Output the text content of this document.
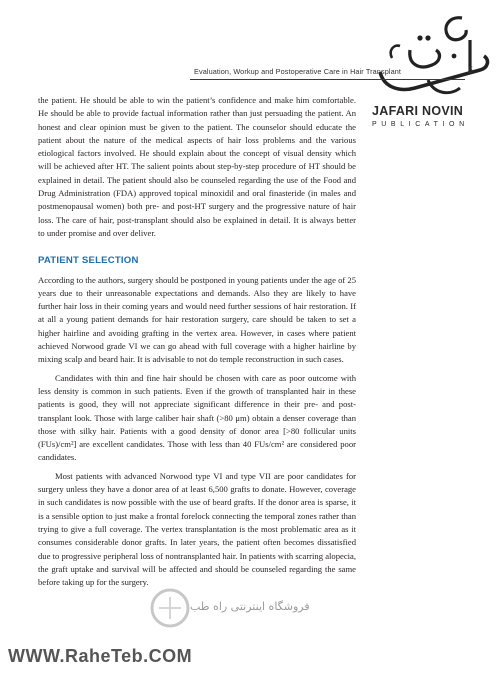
JAFARI NOVIN
PUBLICATION
Evaluation, Workup and Postoperative Care in Hair Transplant	5

the patient. He should be able to win the patient’s confidence and make him comfortable. He should be able to provide factual information rather than just persuading the patient. An honest and clear opinion must be given to the patient. The counselor should educate the patient about the nature of the medical aspects of hair loss problems and the various etiological factors involved. He should explain about the concept of visual density which will be achieved after HT. The salient points about step-by-step procedure of HT should be explained in detail. The patient should also be counseled regarding the use of the Food and Drug Administration (FDA) approved topical minoxidil and oral finasteride (in males and postmenopausal women) both pre- and post-HT surgery and the progressive nature of hair loss. The care of hair, post-transplant should also be explained in detail. It is always better to under promise and over deliver.

PATIENT SELECTION

According to the authors, surgery should be postponed in young patients under the age of 25 years due to their unreasonable expectations and demands. Also they are likely to have further hair loss in their coming years and would need further sessions of hair restoration. If at all a young patient demands for hair restoration surgery, care should be taken to set a higher hairline and avoiding grafting in the vertex area. However, in cases where patient achieved Norwood grade VI we can go ahead with full coverage with a higher hairline by mixing scalp and beard hair. It is advisable to not do temple reconstruction in such cases.

Candidates with thin and fine hair should be chosen with care as poor outcome with less density is common in such patients. Even if the growth of transplanted hair in these patients is good, they will not appreciate significant difference in their pre- and post-transplant look. Those with large caliber hair shaft (>80 μm) obtain a denser coverage than those with silky hair. Patients with a good density of donor area [>80 follicular units (FUs)/cm²] are excellent candidates. Those with less than 40 FUs/cm² are considered poor candidates.

Most patients with advanced Norwood type VI and type VII are poor candidates for surgery unless they have a donor area of at least 6,500 grafts to donate. However, coverage in such candidates is now possible with the use of beard grafts. If the donor area is sparse, it is a sensible option to just make a frontal forelock connecting the temporal zones rather than trying to give a full coverage. The vertex transplantation is the most problematic area as it consumes considerable donor grafts. In later years, the patient often becomes dissatisfied due to progressive peripheral loss of nontransplanted hair. In patients with scarring alopecia, the graft uptake and survival will be affected and should be counseled regarding the same before taking up for the surgery.

فروشگاه اینترنتی راه طب
WWW.RaheTeb.COM
